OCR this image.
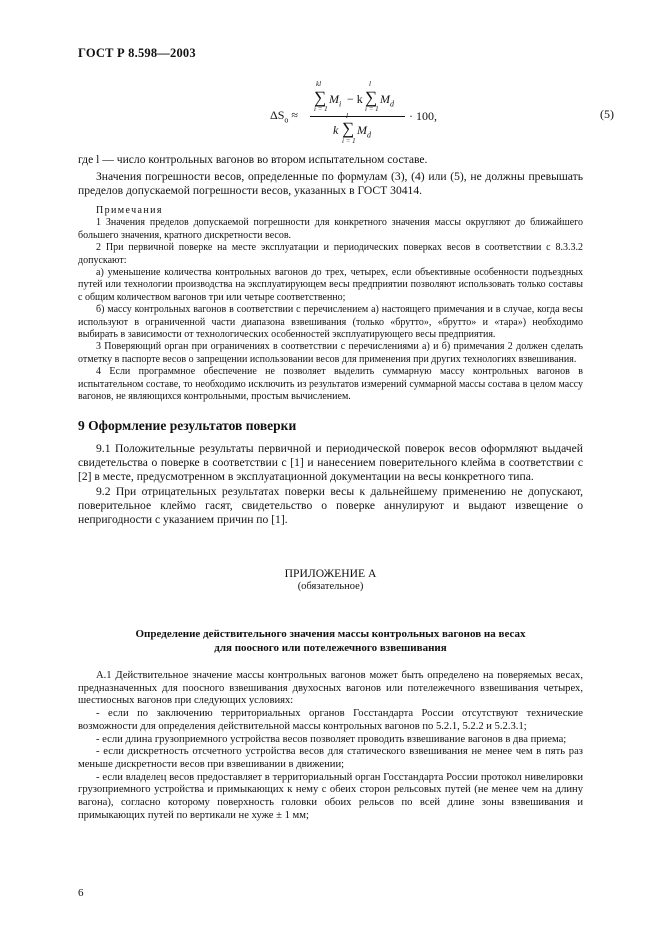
ГОСТ Р 8.598—2003
$\Delta S_o$ ≈
kl
∑ $M_i$
i = 1
− k
l
∑ $M_d$
i = 1
k
l
∑ $M_d$
i = 1
· 100,	(5)
где l — число контрольных вагонов во втором испытательном составе.
Значения погрешности весов, определенные по формулам (3), (4) или (5), не должны превышать пределов допускаемой погрешности весов, указанных в ГОСТ 30414.

Примечания

1 Значения пределов допускаемой погрешности для конкретного значения массы округляют до ближайшего большего значения, кратного дискретности весов.

2 При первичной поверке на месте эксплуатации и периодических поверках весов в соответствии с 8.3.3.2 допускают:

а) уменьшение количества контрольных вагонов до трех, четырех, если объективные особенности подъездных путей или технологии производства на эксплуатирующем весы предприятии позволяют использовать только составы с общим количеством вагонов три или четыре соответственно;

б) массу контрольных вагонов в соответствии с перечислением а) настоящего примечания и в случае, когда весы используют в ограниченной части диапазона взвешивания (только «брутто», «брутто» и «тара») необходимо выбирать в зависимости от технологических особенностей эксплуатирующего весы предприятия.

3 Поверяющий орган при ограничениях в соответствии с перечислениями а) и б) примечания 2 должен сделать отметку в паспорте весов о запрещении использовании весов для применения при других технологиях взвешивания.

4 Если программное обеспечение не позволяет выделить суммарную массу контрольных вагонов в испытательном составе, то необходимо исключить из результатов измерений суммарной массы состава в целом массу вагонов, не являющихся контрольными, простым вычислением.

9 Оформление результатов поверки

9.1 Положительные результаты первичной и периодической поверок весов оформляют выдачей свидетельства о поверке в соответствии с [1] и нанесением поверительного клейма в соответствии с [2] в месте, предусмотренном в эксплуатационной документации на весы конкретного типа.

9.2 При отрицательных результатах поверки весы к дальнейшему применению не допускают, поверительное клеймо гасят, свидетельство о поверке аннулируют и выдают извещение о непригодности с указанием причин по [1].

ПРИЛОЖЕНИЕ А
(обязательное)
Определение действительного значения массы контрольных вагонов на весах
для поосного или потележечного взвешивания

А.1 Действительное значение массы контрольных вагонов может быть определено на поверяемых весах, предназначенных для поосного взвешивания двухосных вагонов или потележечного взвешивания четырех, шестиосных вагонов при следующих условиях:

- если по заключению территориальных органов Госстандарта России отсутствуют технические возможности для определения действительной массы контрольных вагонов по 5.2.1, 5.2.2 и 5.2.3.1;

- если длина грузоприемного устройства весов позволяет проводить взвешивание вагонов в два приема;

- если дискретность отсчетного устройства весов для статического взвешивания не менее чем в пять раз меньше дискретности весов при взвешивании в движении;

- если владелец весов предоставляет в территориальный орган Госстандарта России протокол нивелировки грузоприемного устройства и примыкающих к нему с обеих сторон рельсовых путей (не менее чем на длину вагона), согласно которому поверхность головки обоих рельсов по всей длине зоны взвешивания и примыкающих путей по вертикали не хуже ± 1 мм;

6
